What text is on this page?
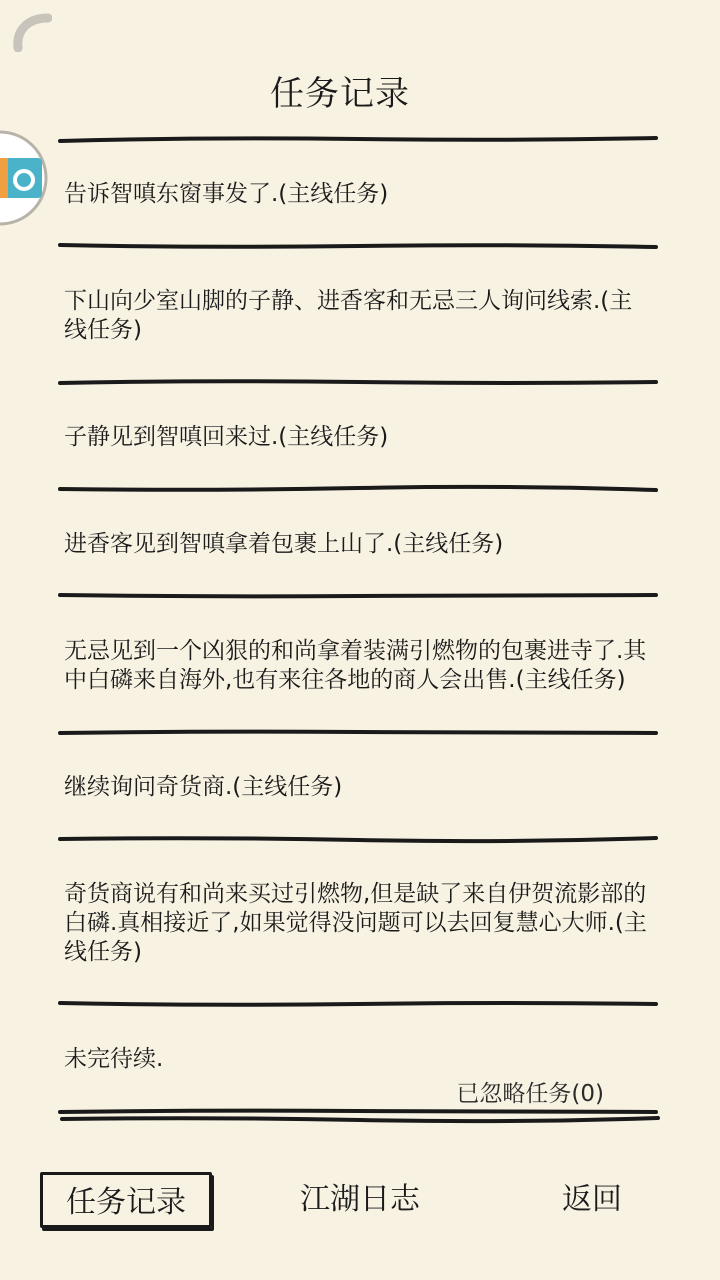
任务记录

告诉智嗔东窗事发了.(主线任务)

下山向少室山脚的子静、进香客和无忌三人询问线索.(主线任务)

子静见到智嗔回来过.(主线任务)

进香客见到智嗔拿着包裹上山了.(主线任务)

无忌见到一个凶狠的和尚拿着装满引燃物的包裹进寺了.其中白磷来自海外,也有来往各地的商人会出售.(主线任务)

继续询问奇货商.(主线任务)

奇货商说有和尚来买过引燃物,但是缺了来自伊贺流影部的白磷.真相接近了,如果觉得没问题可以去回复慧心大师.(主线任务)

未完待续.

已忽略任务(0)
任务记录	江湖日志	返回
